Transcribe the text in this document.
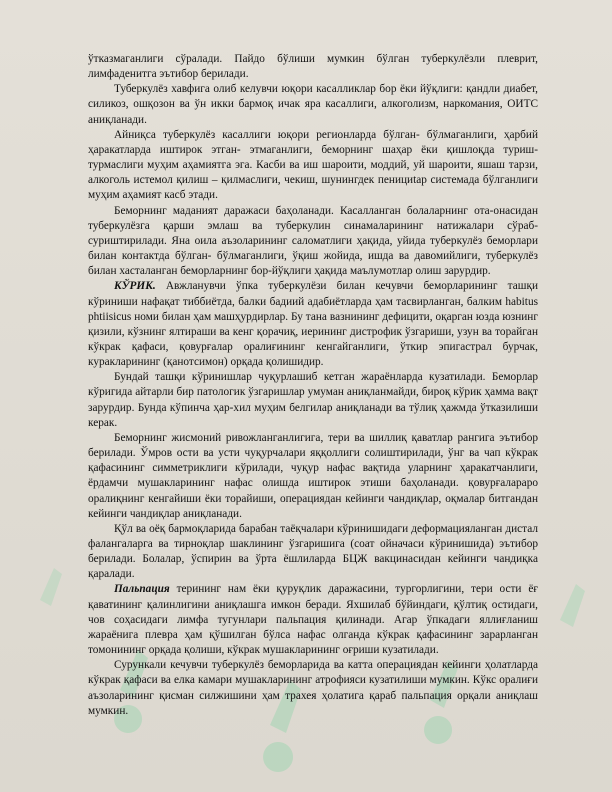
ўтказмаганлиги сўралади. Пайдо бўлиши мумкин бўлган туберкулёзли плеврит, лимфаденитга эътибор берилади.

Туберкулёз хавфига олиб келувчи юқори касалликлар бор ёки йўқлиги: қандли диабет, силикоз, ошқозон ва ўн икки бармоқ ичак яра касаллиги, алкоголизм, наркомания, ОИТС аниқланади.

Айниқса туберкулёз касаллиги юқори регионларда бўлган- бўлмаганлиги, ҳарбий ҳаракатларда иштирок этган- этмаганлиги, беморнинг шаҳар ёки қишлоқда туриш-турмаслиги муҳим аҳамиятга эга. Касби ва иш шароити, моддий, уй шароити, яшаш тарзи, алкоголь истемол қилиш – қилмаслиги, чекиш, шунингдек пенициtар системада бўлганлиги муҳим аҳамият касб этади.

Беморнинг маданият даражаси баҳоланади. Касалланган болаларнинг ота-онасидан туберкулёзга қарши эмлаш ва туберкулин синамаларининг натижалари сўраб- суриштирилади. Яна оила аъзоларининг саломатлиги ҳақида, уйида туберкулёз беморлари билан контактда бўлган- бўлмаганлиги, ўқиш жойида, ишда ва давомийлиги, туберкулёз билан хасталанган беморларнинг бор-йўқлиги ҳақида маълумотлар олиш зарурдир.

КЎРИК. Авжланувчи ўпка туберкулёзи билан кечувчи беморларининг ташқи кўриниши нафақат тиббиётда, балки бадиий адабиётларда ҳам тасвирланган, балким habitus phtiisicus номи билан ҳам машҳурдирлар. Бу тана вазнининг дефицити, оқарган юзда юзнинг қизили, кўзнинг ялтираши ва кенг қорачиқ, иерининг дистрофик ўзгариши, узун ва торайган кўкрак қафаси, қовурғалар оралиғининг кенгайганлиги, ўткир эпигастрал бурчак, куракларининг (қанотсимон) орқада қолишидир.

Бундай ташқи кўринишлар чуқурлашиб кетган жараёнларда кузатилади. Беморлар кўригида айтарли бир патологик ўзгаришлар умуман аниқланмайди, бироқ кўрик ҳамма вақт зарурдир. Бунда кўпинча ҳар-хил муҳим белгилар аниқланади ва тўлиқ ҳажмда ўтказилиши керак.

Беморнинг жисмоний ривожланганлигига, тери ва шиллиқ қаватлар рангига эътибор берилади. Ўмров ости ва усти чуқурчалари яққоллиги солиштирилади, ўнг ва чап кўкрак қафасининг симметриклиги кўрилади, чуқур нафас вақтида уларнинг ҳаракатчанлиги, ёрдамчи мушакларининг нафас олишда иштирок этиши баҳоланади. қовурғалараро оралиқнинг кенгайиши ёки торайиши, операциядан кейинги чандиқлар, оқмалар битгандан кейинги чандиқлар аниқланади.

Қўл ва оёқ бармоқларида барабан таёқчалари кўринишидаги деформацияланган дистал фалангаларга ва тирноқлар шаклининг ўзгаришига (соат ойначаси кўринишида) эътибор берилади. Болалар, ўспирин ва ўрта ёшлиларда БЦЖ вакцинасидан кейинги чандиқка қаралади.

Пальпация терининг нам ёки қуруқлик даражасини, тургорлигини, тери ости ёғ қаватининг қалинлигини аниқлашга имкон беради. Яхшилаб бўйиндаги, қўлтиқ остидаги, чов соҳасидаги лимфа тугунлари пальпация қилинади. Агар ўпкадаги яллиғланиш жараёнига плевра ҳам қўшилган бўлса нафас олганда кўкрак қафасининг зарарланган томонининг орқада қолиши, кўкрак мушакларининг оғриши кузатилади.

Сурункали кечувчи туберкулёз беморларида ва катта операциядан кейинги ҳолатларда кўкрак қафаси ва елка камари мушакларининг атрофияси кузатилиши мумкин. Кўкс оралиғи аъзоларининг қисман силжишини ҳам трахея ҳолатига қараб пальпация орқали аниқлаш мумкин.
